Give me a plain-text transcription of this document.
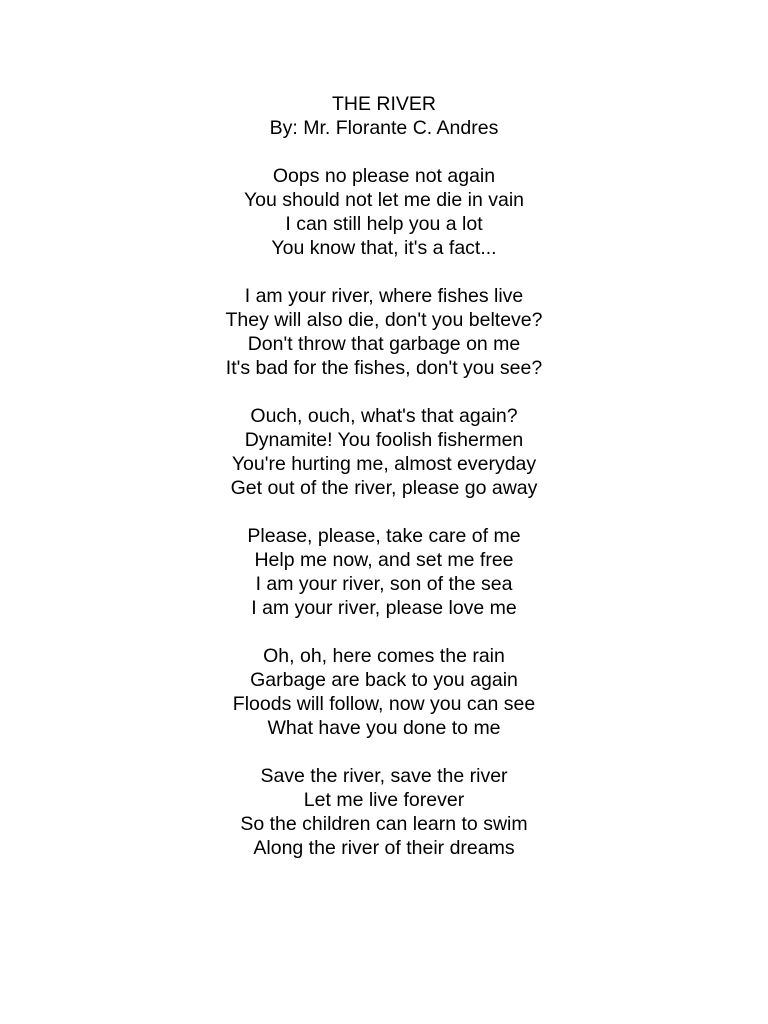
THE RIVER
By: Mr. Florante C. Andres
Oops no please not again
You should not let me die in vain
I can still help you a lot
You know that, it's a fact...
I am your river, where fishes live
They will also die, don't you belteve?
Don't throw that garbage on me
It's bad for the fishes, don't you see?
Ouch, ouch, what's that again?
Dynamite! You foolish fishermen
You're hurting me, almost everyday
Get out of the river, please go away
Please, please, take care of me
Help me now, and set me free
I am your river, son of the sea
I am your river, please love me
Oh, oh, here comes the rain
Garbage are back to you again
Floods will follow, now you can see
What have you done to me
Save the river, save the river
Let me live forever
So the children can learn to swim
Along the river of their dreams
